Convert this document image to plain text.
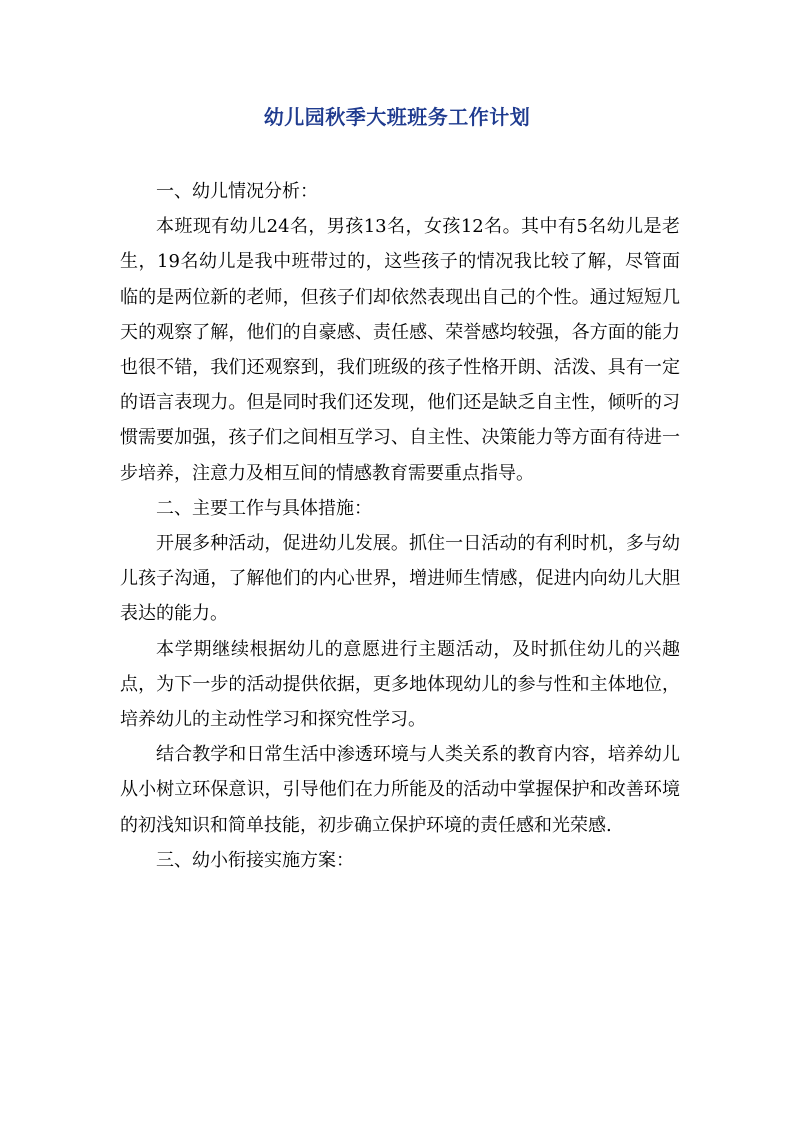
幼儿园秋季大班班务工作计划

一、幼儿情况分析：

本班现有幼儿24名，男孩13名，女孩12名。其中有5名幼儿是老生，19名幼儿是我中班带过的，这些孩子的情况我比较了解，尽管面临的是两位新的老师，但孩子们却依然表现出自己的个性。通过短短几天的观察了解，他们的自豪感、责任感、荣誉感均较强，各方面的能力也很不错，我们还观察到，我们班级的孩子性格开朗、活泼、具有一定的语言表现力。但是同时我们还发现，他们还是缺乏自主性，倾听的习惯需要加强，孩子们之间相互学习、自主性、决策能力等方面有待进一步培养，注意力及相互间的情感教育需要重点指导。

二、主要工作与具体措施：

开展多种活动，促进幼儿发展。抓住一日活动的有利时机，多与幼儿孩子沟通，了解他们的内心世界，增进师生情感，促进内向幼儿大胆表达的能力。

本学期继续根据幼儿的意愿进行主题活动，及时抓住幼儿的兴趣点，为下一步的活动提供依据，更多地体现幼儿的参与性和主体地位，培养幼儿的主动性学习和探究性学习。

结合教学和日常生活中渗透环境与人类关系的教育内容，培养幼儿从小树立环保意识，引导他们在力所能及的活动中掌握保护和改善环境的初浅知识和简单技能，初步确立保护环境的责任感和光荣感.

三、幼小衔接实施方案：
